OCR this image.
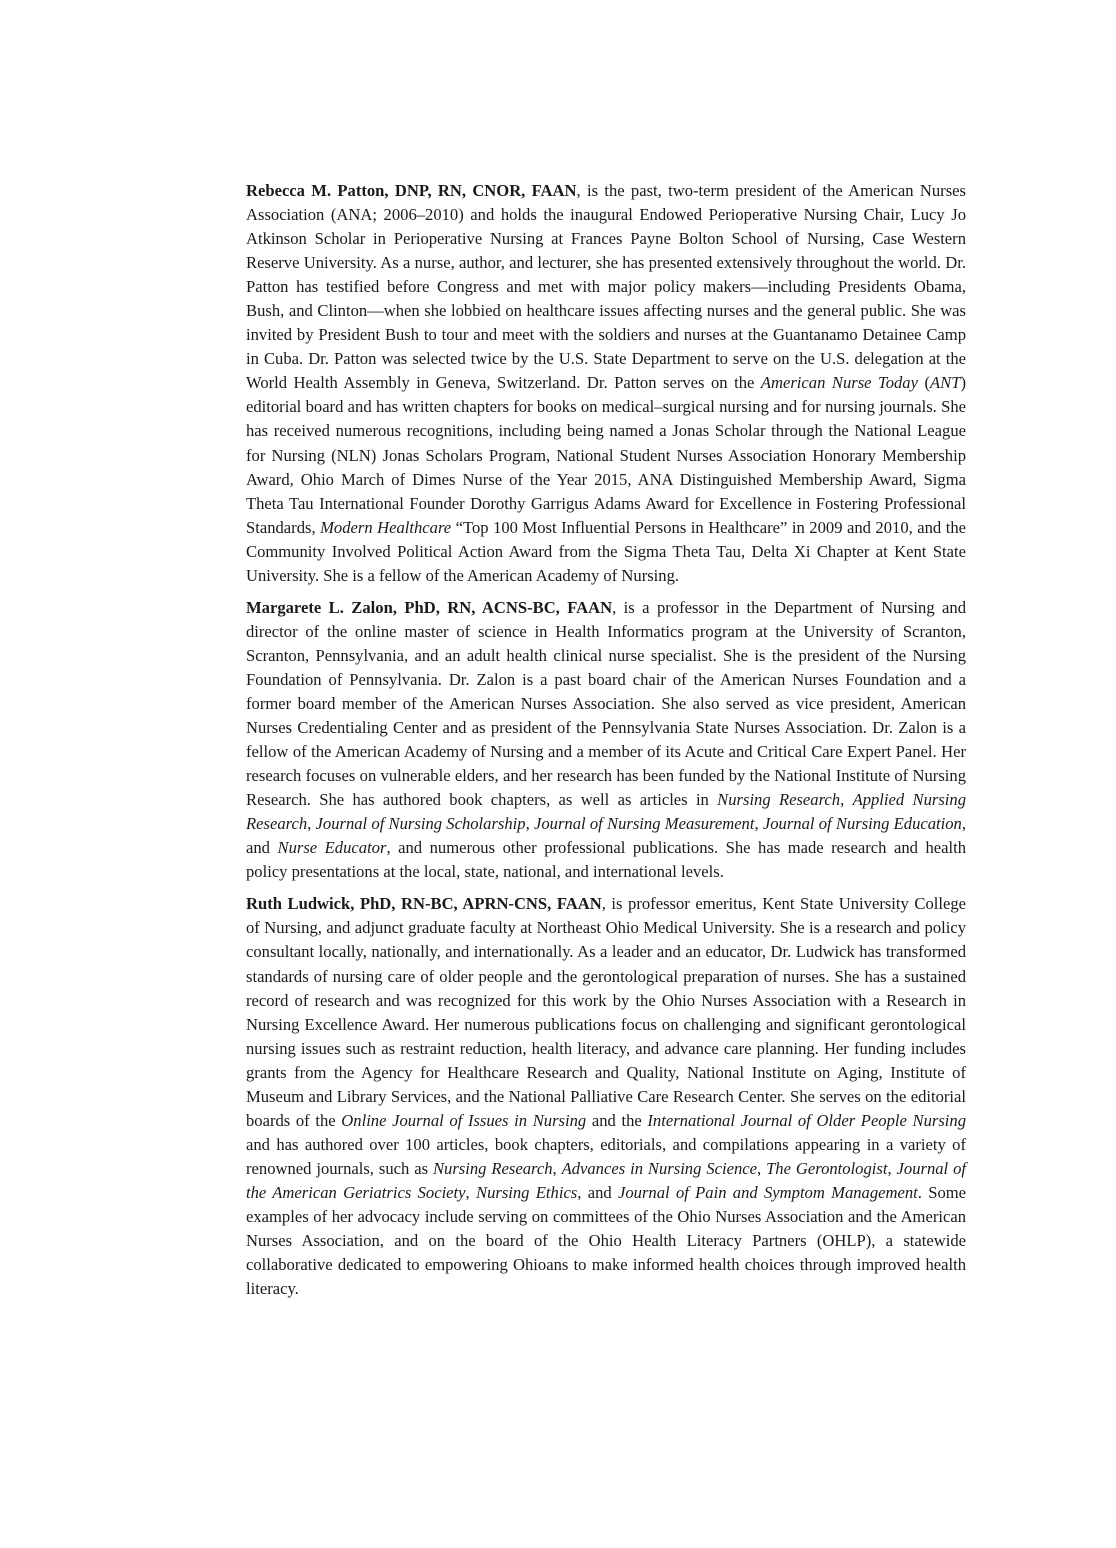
Rebecca M. Patton, DNP, RN, CNOR, FAAN, is the past, two-term president of the American Nurses Association (ANA; 2006–2010) and holds the inaugural Endowed Perioperative Nursing Chair, Lucy Jo Atkinson Scholar in Perioperative Nursing at Frances Payne Bolton School of Nursing, Case Western Reserve University. As a nurse, author, and lecturer, she has presented extensively throughout the world. Dr. Patton has testified before Congress and met with major policy makers—including Presidents Obama, Bush, and Clinton—when she lobbied on healthcare issues affecting nurses and the general public. She was invited by President Bush to tour and meet with the soldiers and nurses at the Guantanamo Detainee Camp in Cuba. Dr. Patton was selected twice by the U.S. State Department to serve on the U.S. delegation at the World Health Assembly in Geneva, Switzerland. Dr. Patton serves on the American Nurse Today (ANT) editorial board and has written chapters for books on medical–surgical nursing and for nursing journals. She has received numerous recognitions, including being named a Jonas Scholar through the National League for Nursing (NLN) Jonas Scholars Program, National Student Nurses Association Honorary Membership Award, Ohio March of Dimes Nurse of the Year 2015, ANA Distinguished Membership Award, Sigma Theta Tau International Founder Dorothy Garrigus Adams Award for Excellence in Fostering Professional Standards, Modern Healthcare “Top 100 Most Influential Persons in Healthcare” in 2009 and 2010, and the Community Involved Political Action Award from the Sigma Theta Tau, Delta Xi Chapter at Kent State University. She is a fellow of the American Academy of Nursing.

Margarete L. Zalon, PhD, RN, ACNS-BC, FAAN, is a professor in the Department of Nursing and director of the online master of science in Health Informatics program at the University of Scranton, Scranton, Pennsylvania, and an adult health clinical nurse specialist. She is the president of the Nursing Foundation of Pennsylvania. Dr. Zalon is a past board chair of the American Nurses Foundation and a former board member of the American Nurses Association. She also served as vice president, American Nurses Credentialing Center and as president of the Pennsylvania State Nurses Association. Dr. Zalon is a fellow of the American Academy of Nursing and a member of its Acute and Critical Care Expert Panel. Her research focuses on vulnerable elders, and her research has been funded by the National Institute of Nursing Research. She has authored book chapters, as well as articles in Nursing Research, Applied Nursing Research, Journal of Nursing Scholarship, Journal of Nursing Measurement, Journal of Nursing Education, and Nurse Educator, and numerous other professional publications. She has made research and health policy presentations at the local, state, national, and international levels.

Ruth Ludwick, PhD, RN-BC, APRN-CNS, FAAN, is professor emeritus, Kent State University College of Nursing, and adjunct graduate faculty at Northeast Ohio Medical University. She is a research and policy consultant locally, nationally, and internationally. As a leader and an educator, Dr. Ludwick has transformed standards of nursing care of older people and the gerontological preparation of nurses. She has a sustained record of research and was recognized for this work by the Ohio Nurses Association with a Research in Nursing Excellence Award. Her numerous publications focus on challenging and significant gerontological nursing issues such as restraint reduction, health literacy, and advance care planning. Her funding includes grants from the Agency for Healthcare Research and Quality, National Institute on Aging, Institute of Museum and Library Services, and the National Palliative Care Research Center. She serves on the editorial boards of the Online Journal of Issues in Nursing and the International Journal of Older People Nursing and has authored over 100 articles, book chapters, editorials, and compilations appearing in a variety of renowned journals, such as Nursing Research, Advances in Nursing Science, The Gerontologist, Journal of the American Geriatrics Society, Nursing Ethics, and Journal of Pain and Symptom Management. Some examples of her advocacy include serving on committees of the Ohio Nurses Association and the American Nurses Association, and on the board of the Ohio Health Literacy Partners (OHLP), a statewide collaborative dedicated to empowering Ohioans to make informed health choices through improved health literacy.
